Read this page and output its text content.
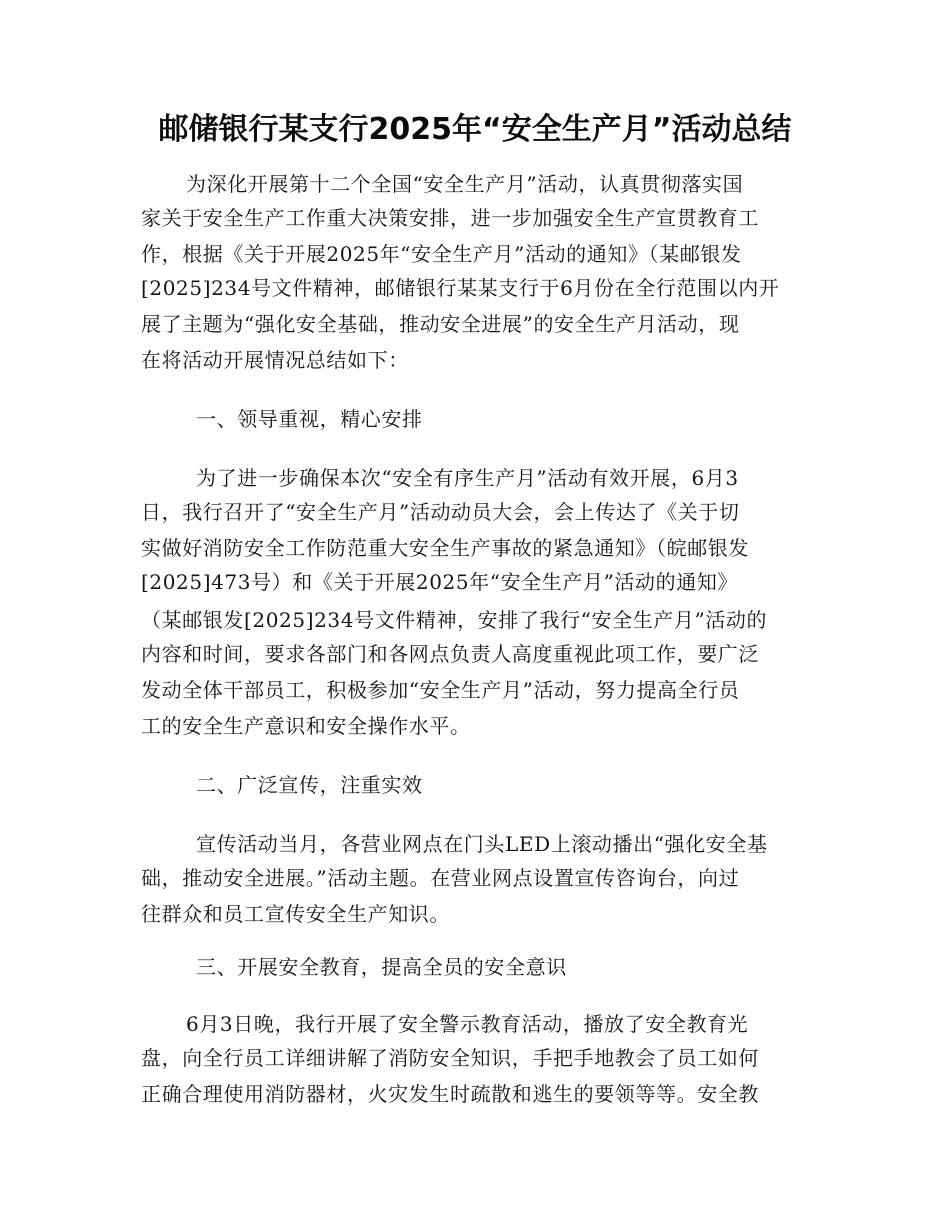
邮储银行某支行2025年“安全生产月”活动总结
为深化开展第十二个全国“安全生产月”活动，认真贯彻落实国
家关于安全生产工作重大决策安排，进一步加强安全生产宣贯教育工
作，根据《关于开展2025年“安全生产月”活动的通知》（某邮银发
[2025]234号文件精神，邮储银行某某支行于6月份在全行范围以内开
展了主题为“强化安全基础，推动安全进展”的安全生产月活动，现
在将活动开展情况总结如下：
一、领导重视，精心安排
为了进一步确保本次“安全有序生产月”活动有效开展，6月3
日，我行召开了“安全生产月”活动动员大会，会上传达了《关于切
实做好消防安全工作防范重大安全生产事故的紧急通知》（皖邮银发
[2025]473号）和《关于开展2025年“安全生产月”活动的通知》
（某邮银发[2025]234号文件精神，安排了我行“安全生产月”活动的
内容和时间，要求各部门和各网点负责人高度重视此项工作，要广泛
发动全体干部员工，积极参加“安全生产月”活动，努力提高全行员
工的安全生产意识和安全操作水平。
二、广泛宣传，注重实效
宣传活动当月，各营业网点在门头LED上滚动播出“强化安全基
础，推动安全进展。”活动主题。在营业网点设置宣传咨询台，向过
往群众和员工宣传安全生产知识。
三、开展安全教育，提高全员的安全意识
6月3日晚，我行开展了安全警示教育活动，播放了安全教育光
盘，向全行员工详细讲解了消防安全知识，手把手地教会了员工如何
正确合理使用消防器材，火灾发生时疏散和逃生的要领等等。安全教
